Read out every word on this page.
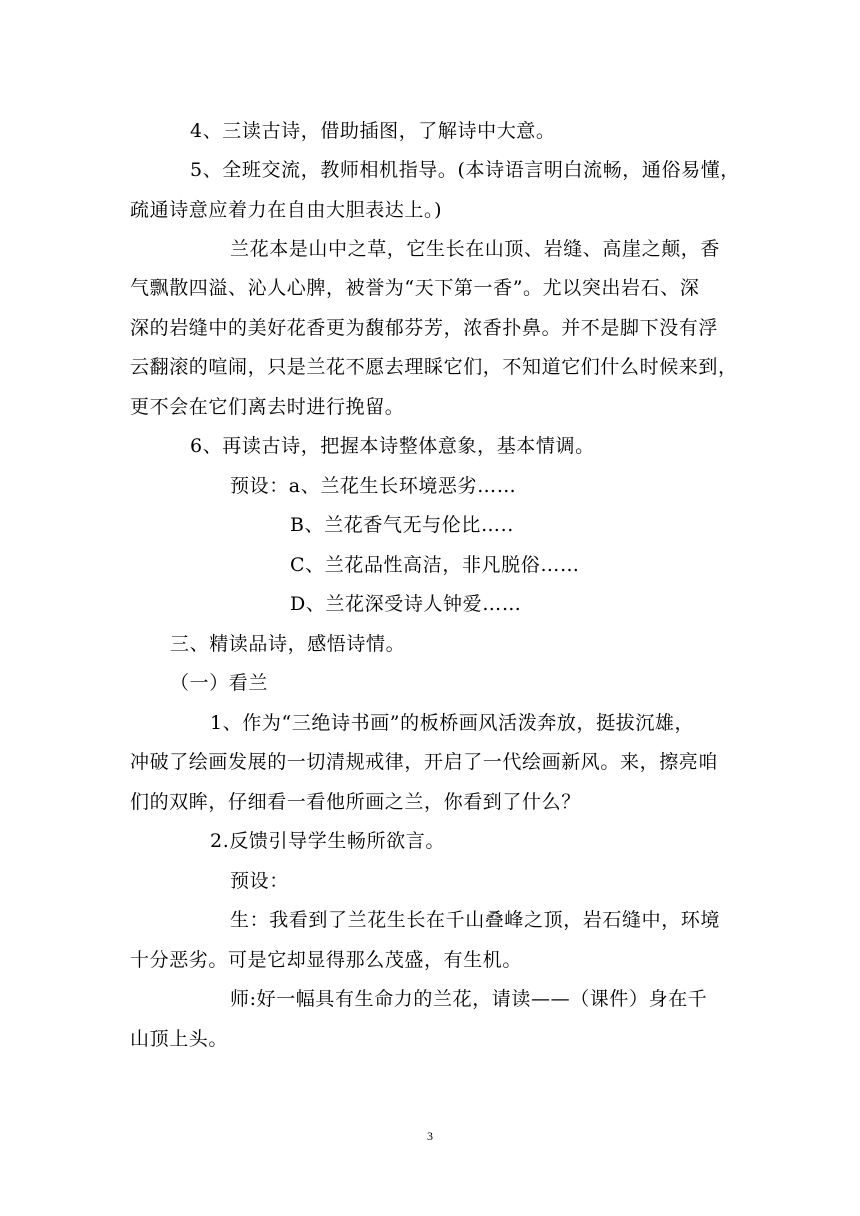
4、三读古诗，借助插图，了解诗中大意。
5、全班交流，教师相机指导。(本诗语言明白流畅，通俗易懂，
疏通诗意应着力在自由大胆表达上。)
兰花本是山中之草，它生长在山顶、岩缝、高崖之颠，香
气飘散四溢、沁人心脾，被誉为“天下第一香”。尤以突出岩石、深
深的岩缝中的美好花香更为馥郁芬芳，浓香扑鼻。并不是脚下没有浮
云翻滚的喧闹，只是兰花不愿去理睬它们，不知道它们什么时候来到，
更不会在它们离去时进行挽留。
6、再读古诗，把握本诗整体意象，基本情调。
预设：a、兰花生长环境恶劣……
B、兰花香气无与伦比…..
C、兰花品性高洁，非凡脱俗……
D、兰花深受诗人钟爱……
三、精读品诗，感悟诗情。
（一）看兰
1、作为“三绝诗书画”的板桥画风活泼奔放，挺拔沉雄，
冲破了绘画发展的一切清规戒律，开启了一代绘画新风。来，擦亮咱
们的双眸，仔细看一看他所画之兰，你看到了什么？
2.反馈引导学生畅所欲言。
预设：
生：我看到了兰花生长在千山叠峰之顶，岩石缝中，环境
十分恶劣。可是它却显得那么茂盛，有生机。
师:好一幅具有生命力的兰花，请读——（课件）身在千
山顶上头。
3
